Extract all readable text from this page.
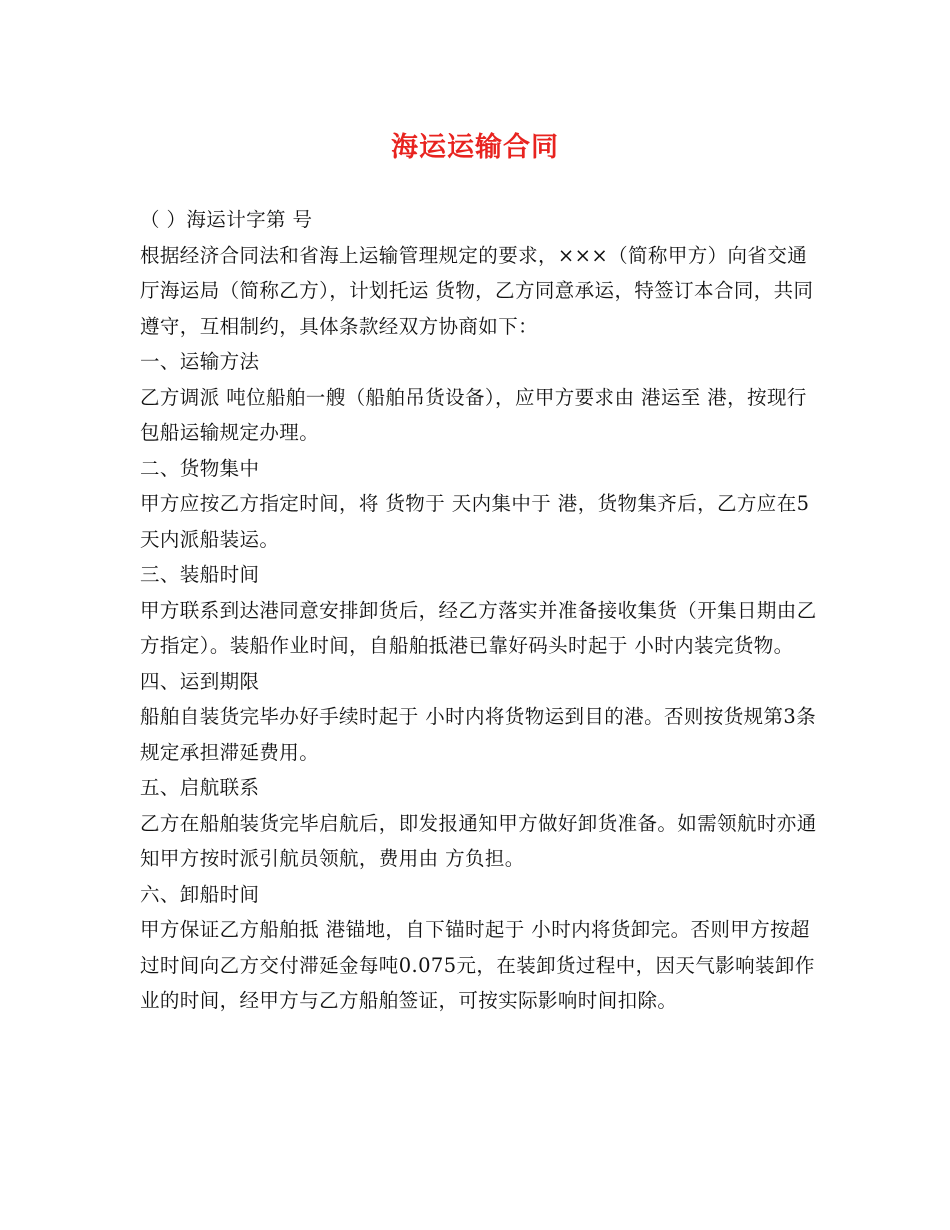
海运运输合同

（ ）海运计字第 号

根据经济合同法和省海上运输管理规定的要求，×××（简称甲方）向省交通厅海运局（简称乙方），计划托运 货物，乙方同意承运，特签订本合同，共同遵守，互相制约，具体条款经双方协商如下：

一、运输方法

乙方调派 吨位船舶一艘（船舶吊货设备），应甲方要求由 港运至 港，按现行包船运输规定办理。

二、货物集中

甲方应按乙方指定时间，将 货物于 天内集中于 港，货物集齐后，乙方应在5天内派船装运。

三、装船时间

甲方联系到达港同意安排卸货后，经乙方落实并准备接收集货（开集日期由乙方指定）。装船作业时间，自船舶抵港已靠好码头时起于 小时内装完货物。

四、运到期限

船舶自装货完毕办好手续时起于 小时内将货物运到目的港。否则按货规第3条规定承担滞延费用。

五、启航联系

乙方在船舶装货完毕启航后，即发报通知甲方做好卸货准备。如需领航时亦通知甲方按时派引航员领航，费用由 方负担。

六、卸船时间

甲方保证乙方船舶抵 港锚地，自下锚时起于 小时内将货卸完。否则甲方按超过时间向乙方交付滞延金每吨0.075元，在装卸货过程中，因天气影响装卸作业的时间，经甲方与乙方船舶签证，可按实际影响时间扣除。
